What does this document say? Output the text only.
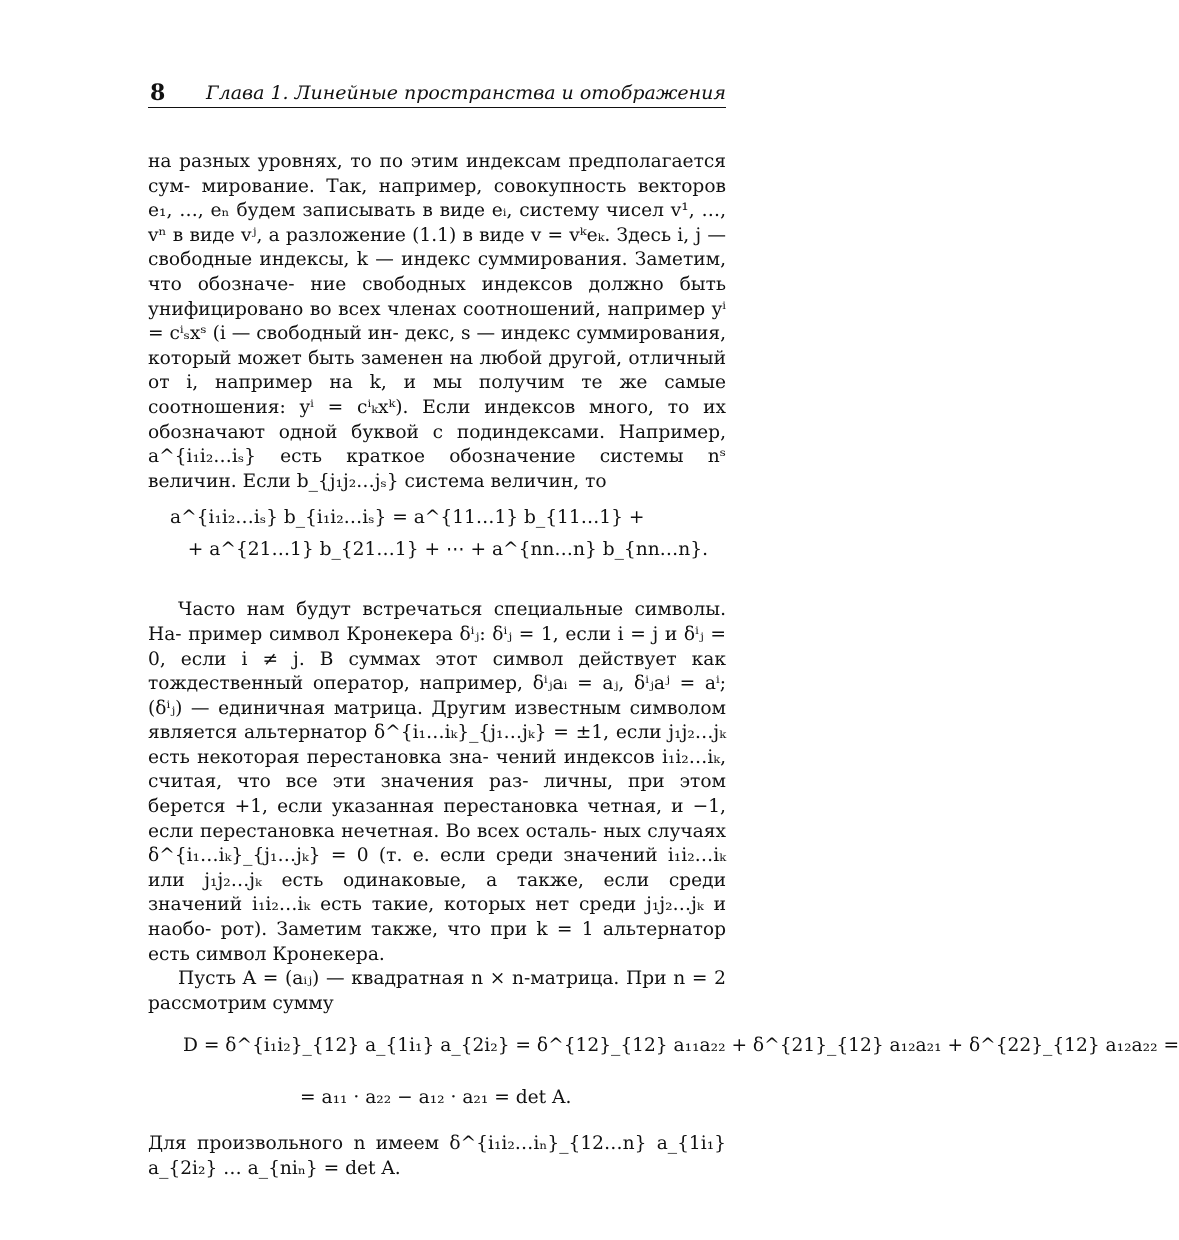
8 Глава 1. Линейные пространства и отображения

на разных уровнях, то по этим индексам предполагается сум- мирование. Так, например, совокупность векторов e₁, …, eₙ будем записывать в виде eᵢ, систему чисел v¹, …, vⁿ в виде vʲ, а разложение (1.1) в виде v = vᵏeₖ. Здесь i, j — свободные индексы, k — индекс суммирования. Заметим, что обозначе- ние свободных индексов должно быть унифицировано во всех членах соотношений, например yⁱ = cⁱₛxˢ (i — свободный ин- декс, s — индекс суммирования, который может быть заменен на любой другой, отличный от i, например на k, и мы получим те же самые соотношения: yⁱ = cⁱₖxᵏ). Если индексов много, то их обозначают одной буквой с подиндексами. Например, a^{i₁i₂…iₛ} есть краткое обозначение системы nˢ величин. Если b_{j₁j₂…jₛ} система величин, то

a^{i₁i₂…iₛ} b_{i₁i₂…iₛ} = a^{11…1} b_{11…1} +
+ a^{21…1} b_{21…1} + ⋯ + a^{nn…n} b_{nn…n}.

Часто нам будут встречаться специальные символы. На- пример символ Кронекера δⁱⱼ: δⁱⱼ = 1, если i = j и δⁱⱼ = 0, если i ≠ j. В суммах этот символ действует как тождественный оператор, например, δⁱⱼaᵢ = aⱼ, δⁱⱼaʲ = aⁱ; (δⁱⱼ) — единичная матрица. Другим известным символом является альтернатор δ^{i₁…iₖ}_{j₁…jₖ} = ±1, если j₁j₂…jₖ есть некоторая перестановка зна- чений индексов i₁i₂…iₖ, считая, что все эти значения раз- личны, при этом берется +1, если указанная перестановка четная, и −1, если перестановка нечетная. Во всех осталь- ных случаях δ^{i₁…iₖ}_{j₁…jₖ} = 0 (т. е. если среди значений i₁i₂…iₖ или j₁j₂…jₖ есть одинаковые, а также, если среди значений i₁i₂…iₖ есть такие, которых нет среди j₁j₂…jₖ и наобо- рот). Заметим также, что при k = 1 альтернатор есть символ Кронекера.

Пусть A = (aᵢⱼ) — квадратная n × n-матрица. При n = 2 рассмотрим сумму

D = δ^{i₁i₂}_{12} a_{1i₁} a_{2i₂} = δ^{12}_{12} a₁₁a₂₂ + δ^{21}_{12} a₁₂a₂₁ + δ^{22}_{12} a₁₂a₂₂ =
= a₁₁ · a₂₂ − a₁₂ · a₂₁ = det A.

Для произвольного n имеем δ^{i₁i₂…iₙ}_{12…n} a_{1i₁} a_{2i₂} … a_{niₙ} = det A.
